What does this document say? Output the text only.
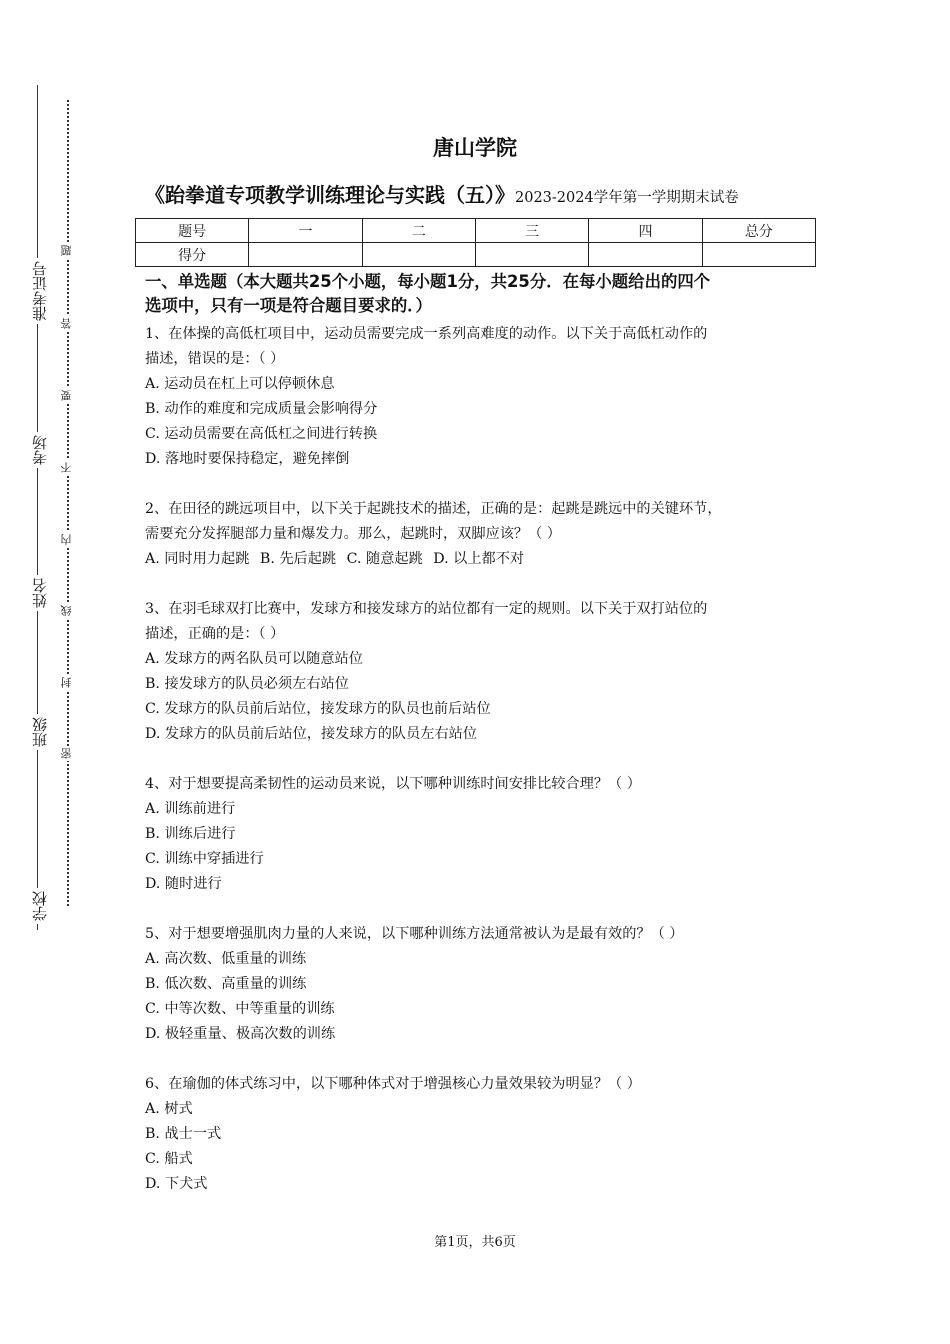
准考证号
考场
姓名
班级
学校
题
答
要
不
内
线
封
密
唐山学院
《跆拳道专项教学训练理论与实践（五）》2023-2024学年第一学期期末试卷
题号	一	二	三	四	总分
得分					
一、单选题（本大题共25个小题，每小题1分，共25分．在每小题给出的四个
选项中，只有一项是符合题目要求的．）

1、在体操的高低杠项目中，运动员需要完成一系列高难度的动作。以下关于高低杠动作的

描述，错误的是：（ ）

A. 运动员在杠上可以停顿休息

B. 动作的难度和完成质量会影响得分

C. 运动员需要在高低杠之间进行转换

D. 落地时要保持稳定，避免摔倒

2、在田径的跳远项目中，以下关于起跳技术的描述，正确的是：起跳是跳远中的关键环节，

需要充分发挥腿部力量和爆发力。那么，起跳时，双脚应该？（ ）

A. 同时用力起跳 B. 先后起跳 C. 随意起跳 D. 以上都不对

3、在羽毛球双打比赛中，发球方和接发球方的站位都有一定的规则。以下关于双打站位的

描述，正确的是：（ ）

A. 发球方的两名队员可以随意站位

B. 接发球方的队员必须左右站位

C. 发球方的队员前后站位，接发球方的队员也前后站位

D. 发球方的队员前后站位，接发球方的队员左右站位

4、对于想要提高柔韧性的运动员来说，以下哪种训练时间安排比较合理？（ ）

A. 训练前进行

B. 训练后进行

C. 训练中穿插进行

D. 随时进行

5、对于想要增强肌肉力量的人来说，以下哪种训练方法通常被认为是最有效的？（ ）

A. 高次数、低重量的训练

B. 低次数、高重量的训练

C. 中等次数、中等重量的训练

D. 极轻重量、极高次数的训练

6、在瑜伽的体式练习中，以下哪种体式对于增强核心力量效果较为明显？（ ）

A. 树式

B. 战士一式

C. 船式

D. 下犬式

第1页，共6页
